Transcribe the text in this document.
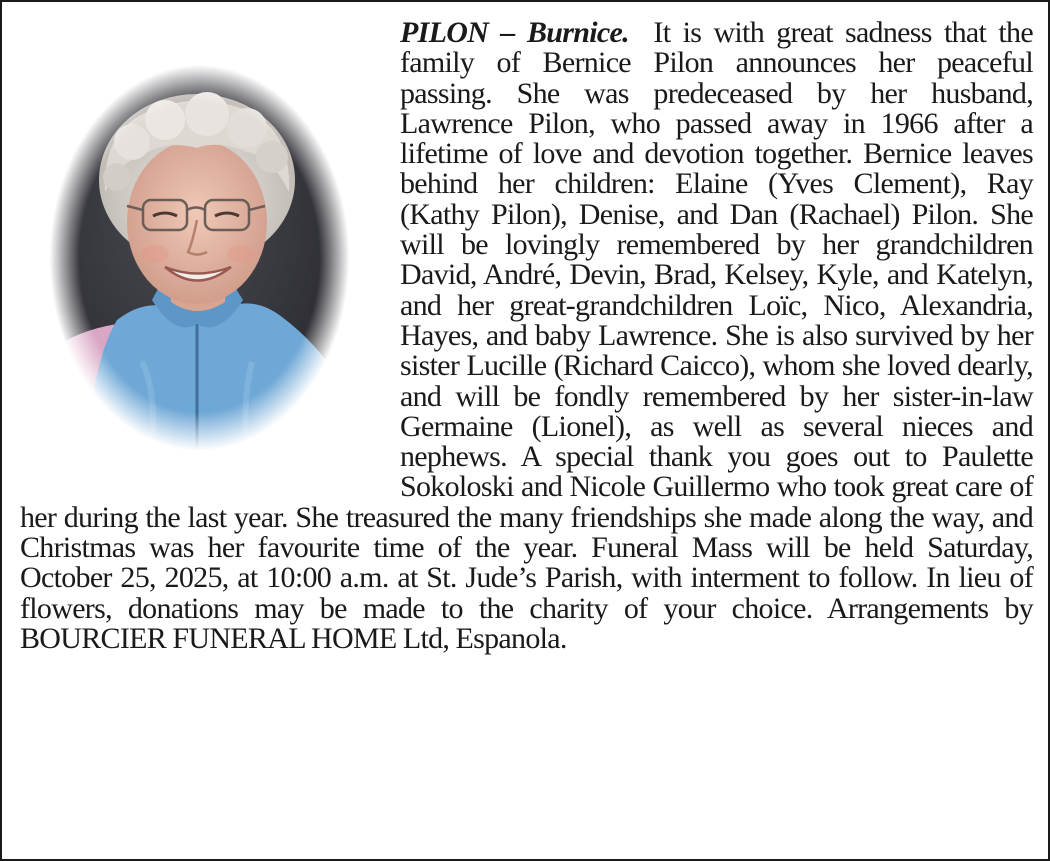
PILON – Burnice. It is with great sadness that the family of Bernice Pilon announces her peaceful passing. She was predeceased by her husband, Lawrence Pilon, who passed away in 1966 after a lifetime of love and devotion together. Bernice leaves behind her children: Elaine (Yves Clement), Ray (Kathy Pilon), Denise, and Dan (Rachael) Pilon. She will be lovingly remembered by her grandchildren David, André, Devin, Brad, Kelsey, Kyle, and Katelyn, and her great-grandchildren Loïc, Nico, Alexandria, Hayes, and baby Lawrence. She is also survived by her sister Lucille (Richard Caicco), whom she loved dearly, and will be fondly remembered by her sister-in-law Germaine (Lionel), as well as several nieces and nephews. A special thank you goes out to Paulette Sokoloski and Nicole Guillermo who took great care of her during the last year. She treasured the many friendships she made along the way, and Christmas was her favourite time of the year. Funeral Mass will be held Saturday, October 25, 2025, at 10:00 a.m. at St. Jude’s Parish, with interment to follow. In lieu of flowers, donations may be made to the charity of your choice. Arrangements by BOURCIER FUNERAL HOME Ltd, Espanola.
